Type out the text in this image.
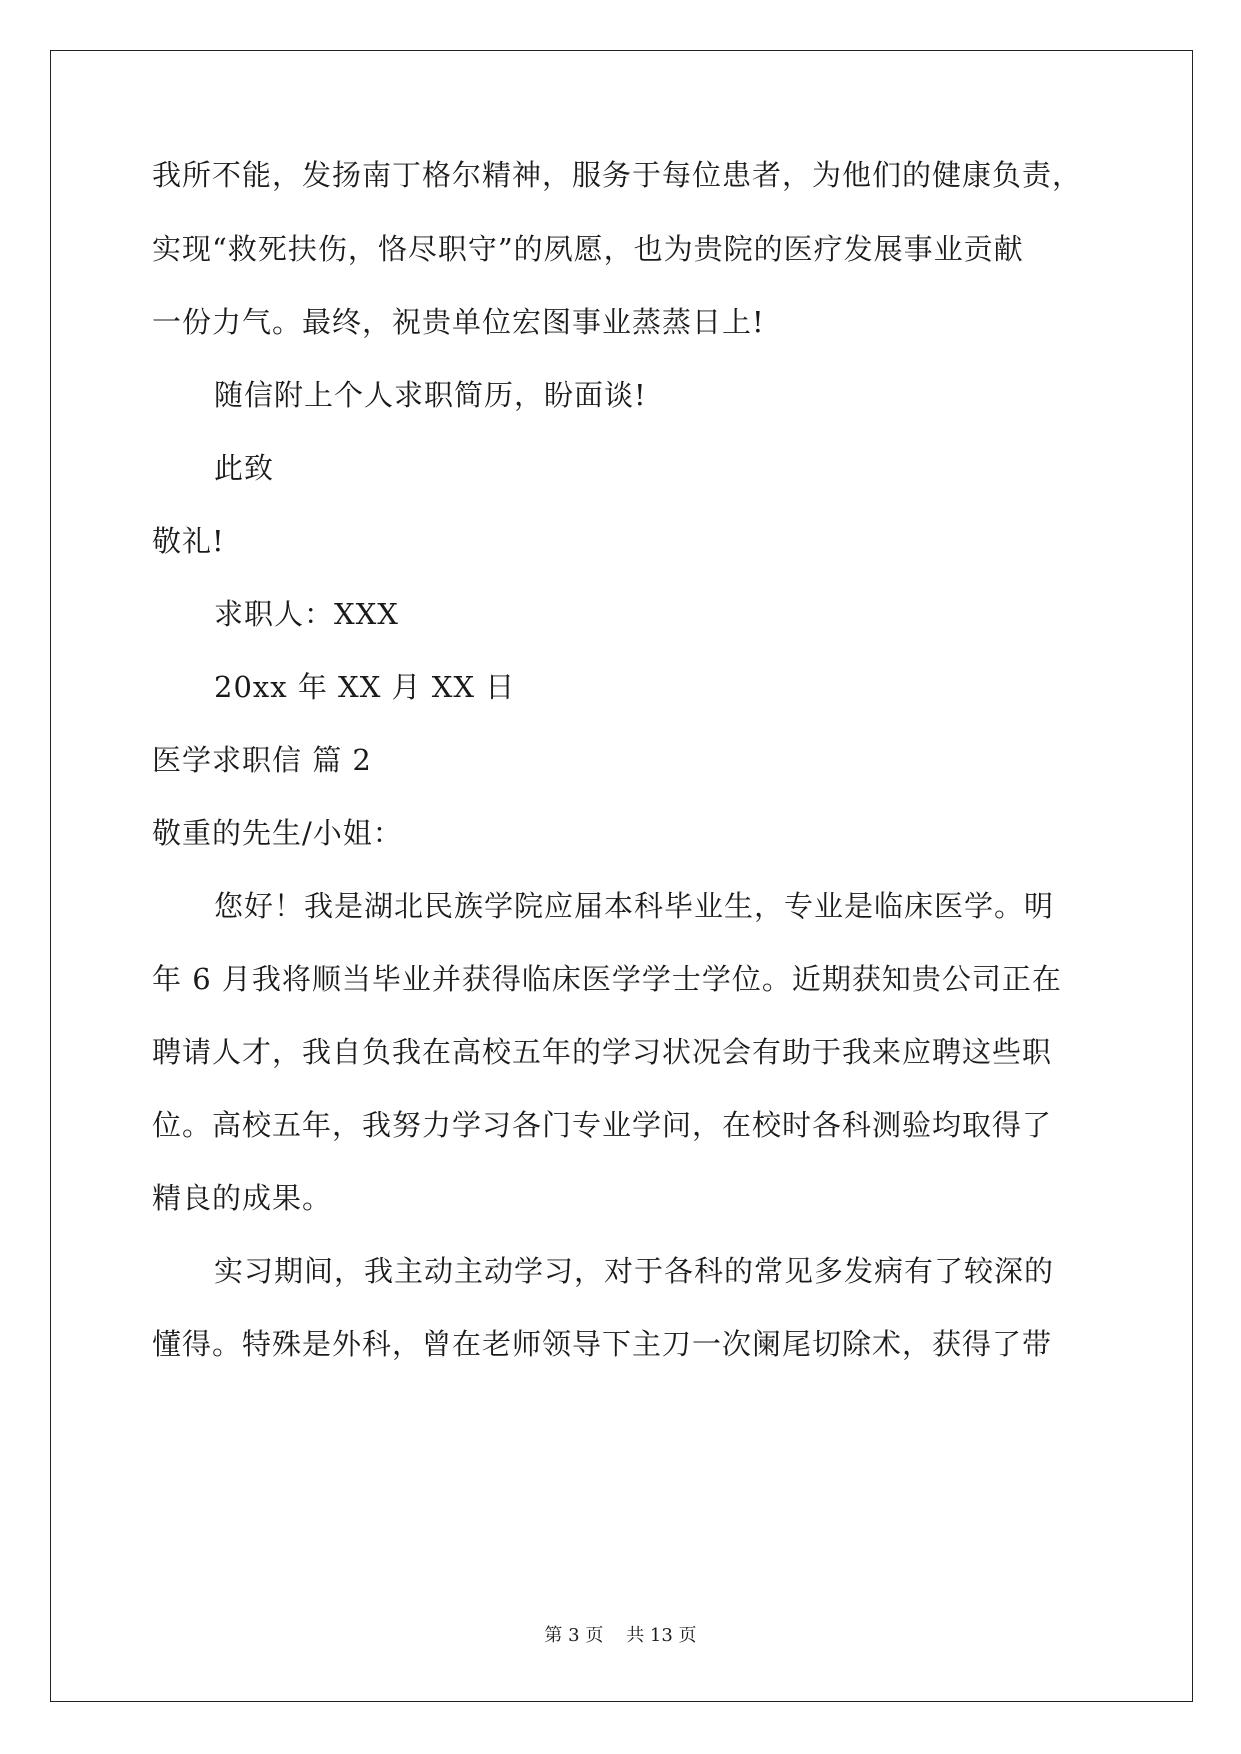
我所不能，发扬南丁格尔精神，服务于每位患者，为他们的健康负责，
实现“救死扶伤，恪尽职守”的夙愿，也为贵院的医疗发展事业贡献
一份力气。最终，祝贵单位宏图事业蒸蒸日上!
随信附上个人求职简历，盼面谈!
此致
敬礼!
求职人：XXX
20xx 年 XX 月 XX 日
医学求职信 篇 2
敬重的先生/小姐：
您好！我是湖北民族学院应届本科毕业生，专业是临床医学。明
年 6 月我将顺当毕业并获得临床医学学士学位。近期获知贵公司正在
聘请人才，我自负我在高校五年的学习状况会有助于我来应聘这些职
位。高校五年，我努力学习各门专业学问，在校时各科测验均取得了
精良的成果。
实习期间，我主动主动学习，对于各科的常见多发病有了较深的
懂得。特殊是外科，曾在老师领导下主刀一次阑尾切除术，获得了带
第 3 页    共 13 页
